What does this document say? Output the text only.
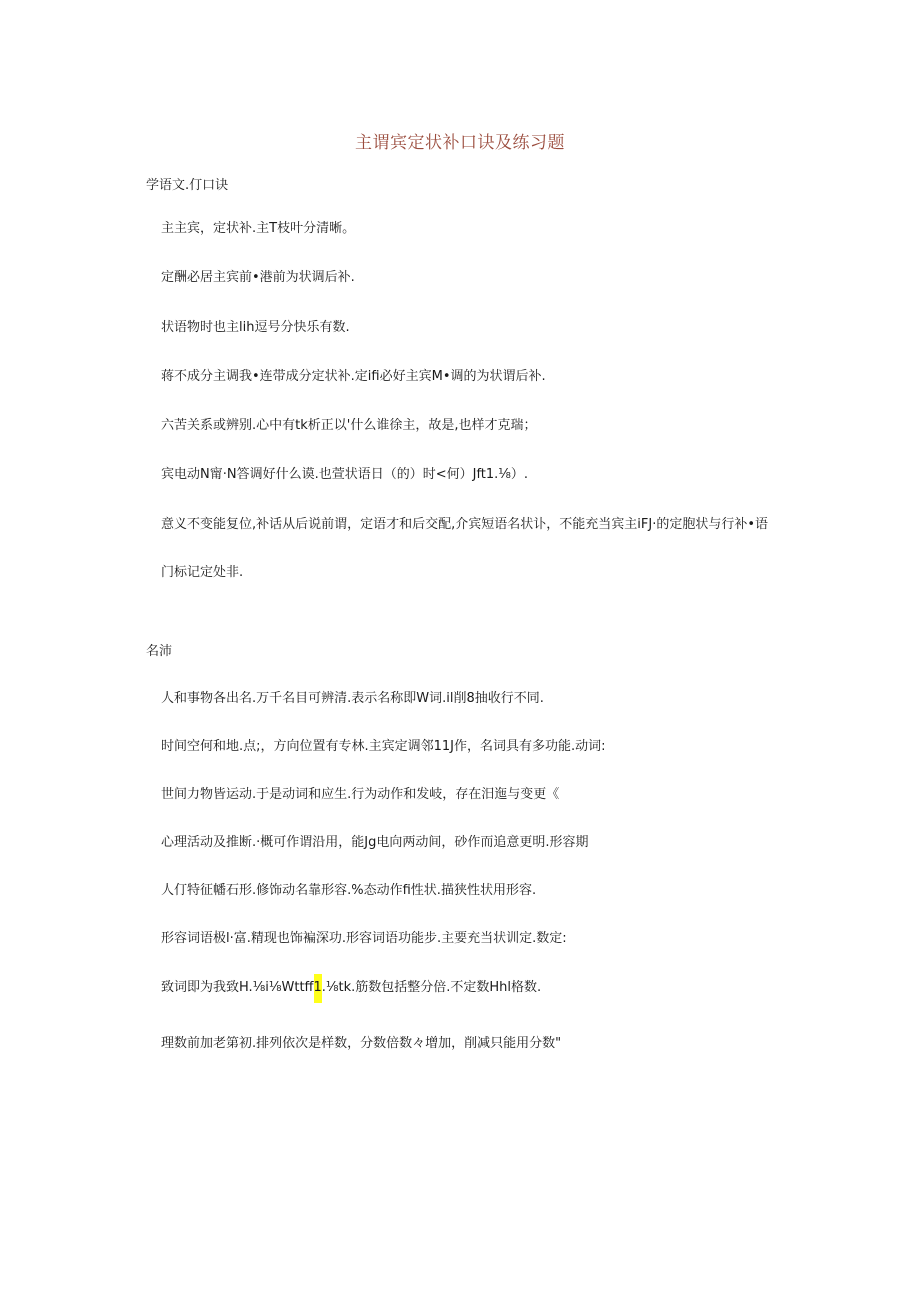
主谓宾定状补口诀及练习题
学语文.仃口诀
主主宾，定状补.主T枝叶分清晰。
定酬必居主宾前•港前为状调后补.
状语物时也主lih逗号分快乐有数.
蒋不成分主调我•连带成分定状补.定ifi必好主宾M•调的为状谓后补.
六苦关系或辨别.心中有tk析正以'什么谁徐主，故是,也样才克瑞；
宾电动N甯·N答调好什么谟.也萱状语日（的）时<何）Jft1.⅛）.
意义不变能复位,补话从后说前谓，定语才和后交配,介宾短语名状讣，不能充当宾主iFJ·的定胞状与行补•语
门标记定处非.
名沛
人和事物各出名.万千名目可辨清.表示名称即W词.il削8抽收行不同.
时间空何和地.点;，方向位置有专林.主宾定调邻11J作，名词具有多功能.动词:
世间力物皆运动.于是动词和应生.行为动作和发岐，存在汨迤与变更《
心理活动及推断.·概可作谓沿用，能Jg电向两动间，砂作而追意更明.形容期
人仃特征幡石形.修饰动名靠形容.%态动作fi性状.描狭性状用形容.
形容词语极l·富.精现也饰褊深功.形容词语功能步.主要充当状训定.数定:
致词即为我致H.⅛i⅛Wttff1.⅛tk.筋数包括整分倍.不定数Hhl格数.
理数前加老第初.排列依次是样数，分数倍数々增加，削减只能用分数"
